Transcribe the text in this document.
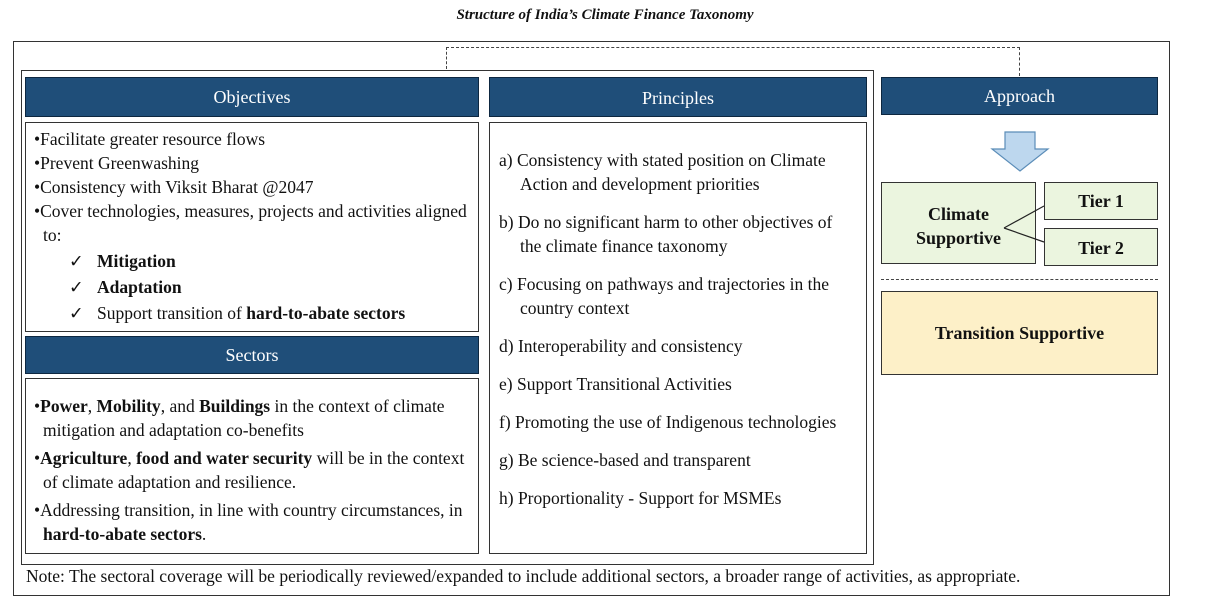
Structure of India’s Climate Finance Taxonomy
Objectives
•Facilitate greater resource flows
•Prevent Greenwashing
•Consistency with Viksit Bharat @2047
•Cover technologies, measures, projects and activities aligned to:
✓ Mitigation
✓ Adaptation
✓ Support transition of hard-to-abate sectors
Sectors
•Power, Mobility, and Buildings in the context of climate mitigation and adaptation co-benefits
•Agriculture, food and water security will be in the context of climate adaptation and resilience.
•Addressing transition, in line with country circumstances, in hard-to-abate sectors.
Principles
a) Consistency with stated position on Climate Action and development priorities
b) Do no significant harm to other objectives of the climate finance taxonomy
c) Focusing on pathways and trajectories in the country context
d) Interoperability and consistency
e) Support Transitional Activities
f) Promoting the use of Indigenous technologies
g) Be science-based and transparent
h) Proportionality - Support for MSMEs
Approach
Climate
Supportive
Tier 1
Tier 2
Transition Supportive
Note: The sectoral coverage will be periodically reviewed/expanded to include additional sectors, a broader range of activities, as appropriate.
